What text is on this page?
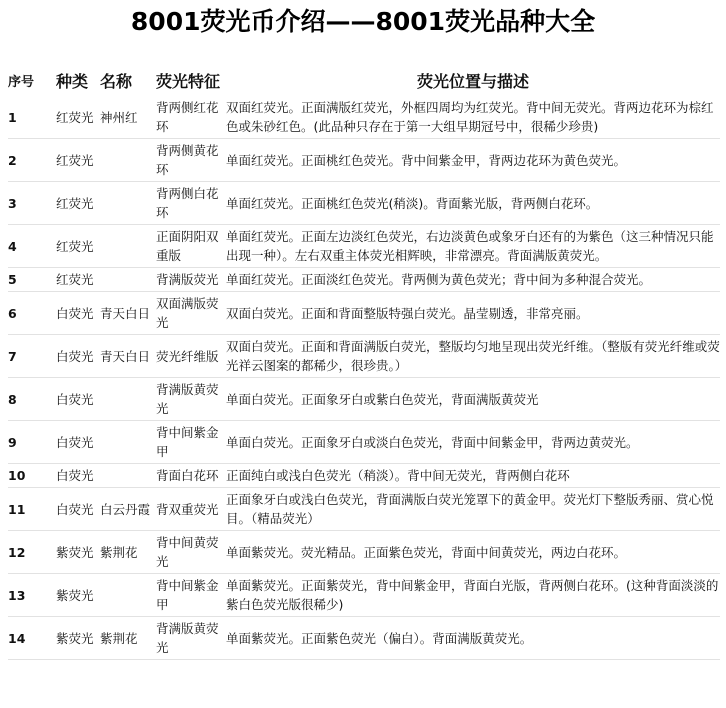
8001荧光币介绍——8001荧光品种大全
序号	种类	名称	荧光特征	荧光位置与描述
1	红荧光	神州红	背两侧红花环	双面红荧光。正面满版红荧光，外框四周均为红荧光。背中间无荧光。背两边花环为棕红色或朱砂红色。(此品种只存在于第一大组早期冠号中，很稀少珍贵)
2	红荧光		背两侧黄花环	单面红荧光。正面桃红色荧光。背中间紫金甲，背两边花环为黄色荧光。
3	红荧光		背两侧白花环	单面红荧光。正面桃红色荧光(稍淡)。背面紫光版，背两侧白花环。
4	红荧光		正面阴阳双重版	单面红荧光。正面左边淡红色荧光，右边淡黄色或象牙白还有的为紫色（这三种情况只能出现一种）。左右双重主体荧光相辉映，非常漂亮。背面满版黄荧光。
5	红荧光		背满版荧光	单面红荧光。正面淡红色荧光。背两侧为黄色荧光；背中间为多种混合荧光。
6	白荧光	青天白日	双面满版荧光	双面白荧光。正面和背面整版特强白荧光。晶莹剔透，非常亮丽。
7	白荧光	青天白日	荧光纤维版	双面白荧光。正面和背面满版白荧光，整版均匀地呈现出荧光纤维。（整版有荧光纤维或荧光祥云图案的都稀少，很珍贵。）
8	白荧光		背满版黄荧光	单面白荧光。正面象牙白或紫白色荧光，背面满版黄荧光
9	白荧光		背中间紫金甲	单面白荧光。正面象牙白或淡白色荧光，背面中间紫金甲，背两边黄荧光。
10	白荧光		背面白花环	正面纯白或浅白色荧光（稍淡）。背中间无荧光，背两侧白花环
11	白荧光	白云丹霞	背双重荧光	正面象牙白或浅白色荧光，背面满版白荧光笼罩下的黄金甲。荧光灯下整版秀丽、赏心悦目。（精品荧光）
12	紫荧光	紫荆花	背中间黄荧光	单面紫荧光。荧光精品。正面紫色荧光，背面中间黄荧光，两边白花环。
13	紫荧光		背中间紫金甲	单面紫荧光。正面紫荧光，背中间紫金甲，背面白光版，背两侧白花环。(这种背面淡淡的紫白色荧光版很稀少)
14	紫荧光	紫荆花	背满版黄荧光	单面紫荧光。正面紫色荧光（偏白）。背面满版黄荧光。
